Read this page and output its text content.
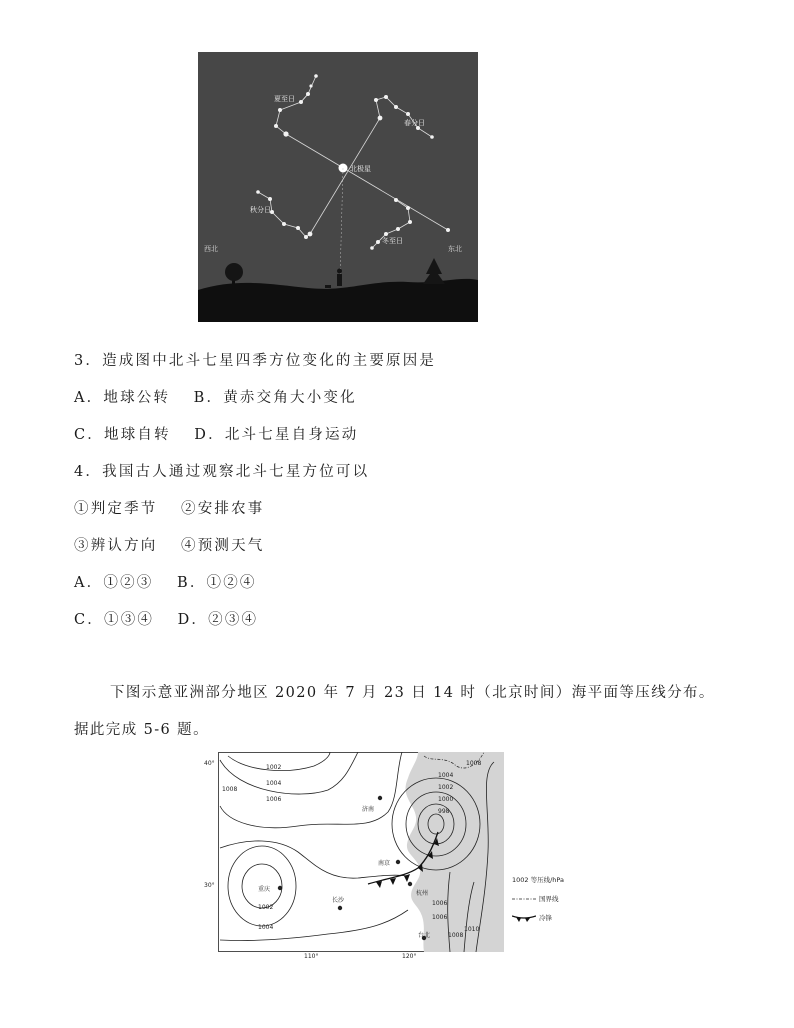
夏至日
春分日
北极星
秋分日
冬至日
西北	东北
3．造成图中北斗七星四季方位变化的主要原因是
A．地球公转　 B．黄赤交角大小变化
C．地球自转　 D．北斗七星自身运动
4．我国古人通过观察北斗七星方位可以
①判定季节　 ②安排农事
③辨认方向　 ④预测天气
A．①②③　 B．①②④
C．①③④　 D．②③④
下图示意亚洲部分地区 2020 年 7 月 23 日 14 时（北京时间）海平面等压线分布。
据此完成 5-6 题。
40°
30°
110°	120°
1002
1004
1006
1008
1002
1004
1006
1004
1002
1000
998
1006
1008
1010
1008
济南
南京
重庆
长沙
杭州
台北
1002 等压线/hPa
国界线
冷锋
